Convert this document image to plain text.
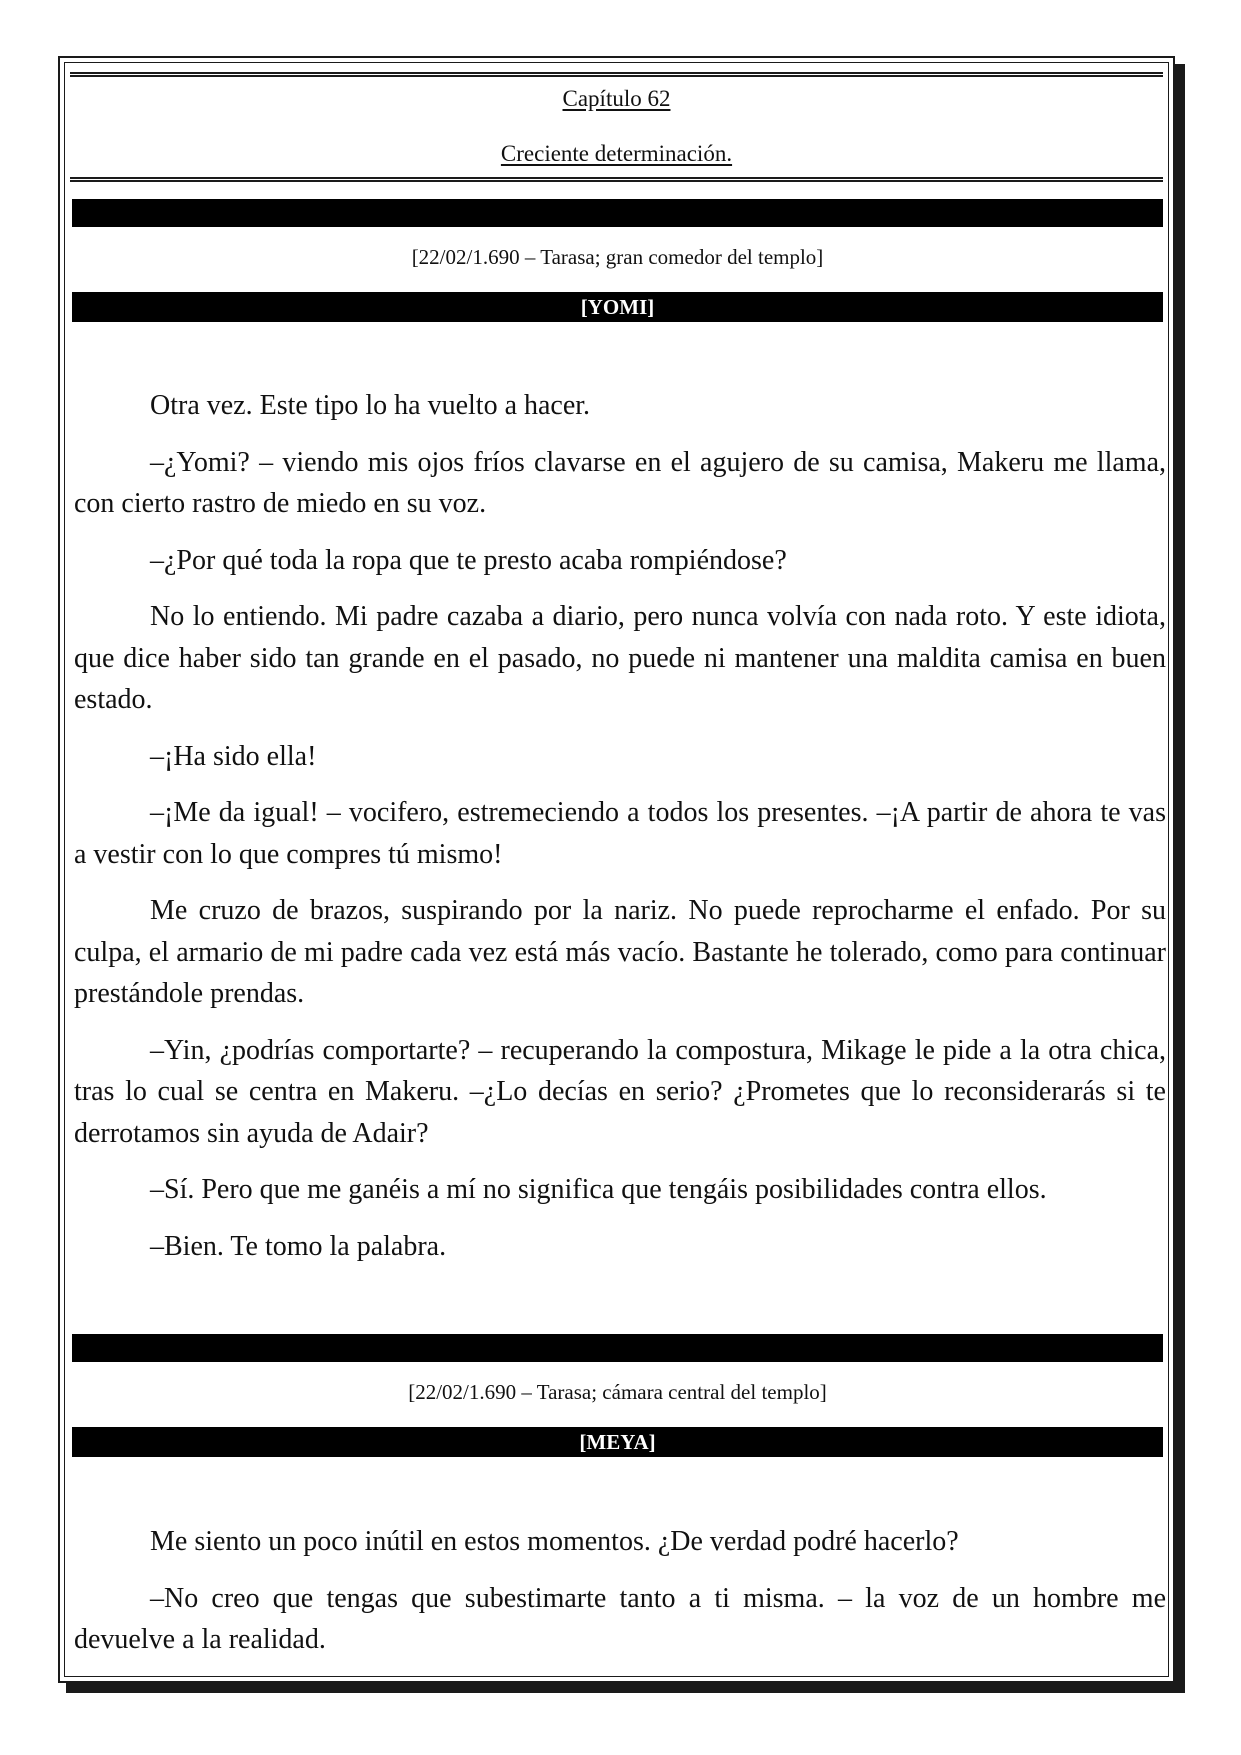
Capítulo 62
Creciente determinación.
[22/02/1.690 – Tarasa; gran comedor del templo]
[YOMI]

Otra vez. Este tipo lo ha vuelto a hacer.

–¿Yomi? – viendo mis ojos fríos clavarse en el agujero de su camisa, Makeru me llama, con cierto rastro de miedo en su voz.

–¿Por qué toda la ropa que te presto acaba rompiéndose?

No lo entiendo. Mi padre cazaba a diario, pero nunca volvía con nada roto. Y este idiota, que dice haber sido tan grande en el pasado, no puede ni mantener una maldita camisa en buen estado.

–¡Ha sido ella!

–¡Me da igual! – vocifero, estremeciendo a todos los presentes. –¡A partir de ahora te vas a vestir con lo que compres tú mismo!

Me cruzo de brazos, suspirando por la nariz. No puede reprocharme el enfado. Por su culpa, el armario de mi padre cada vez está más vacío. Bastante he tolerado, como para continuar prestándole prendas.

–Yin, ¿podrías comportarte? – recuperando la compostura, Mikage le pide a la otra chica, tras lo cual se centra en Makeru. –¿Lo decías en serio? ¿Prometes que lo reconsiderarás si te derrotamos sin ayuda de Adair?

–Sí. Pero que me ganéis a mí no significa que tengáis posibilidades contra ellos.

–Bien. Te tomo la palabra.

[22/02/1.690 – Tarasa; cámara central del templo]
[MEYA]

Me siento un poco inútil en estos momentos. ¿De verdad podré hacerlo?

–No creo que tengas que subestimarte tanto a ti misma. – la voz de un hombre me devuelve a la realidad.
